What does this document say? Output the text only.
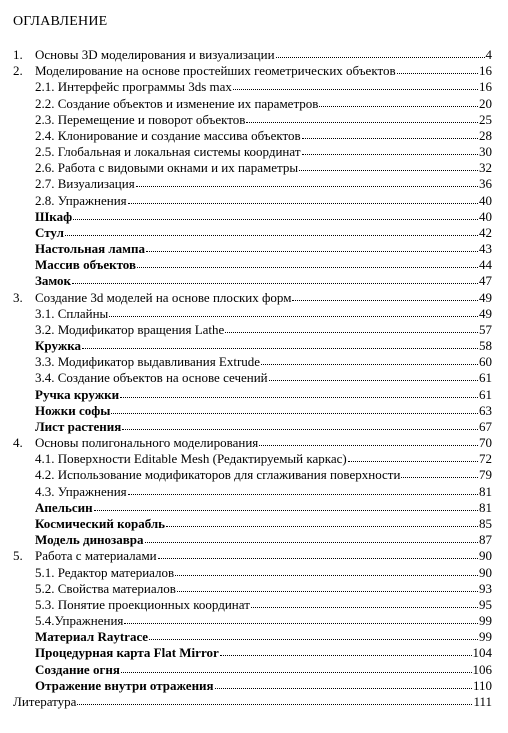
ОГЛАВЛЕНИЕ
1. Основы 3D моделирования и визуализации	4
2. Моделирование на основе простейших геометрических объектов	16
2.1. Интерфейс программы 3ds max	16
2.2. Создание объектов и изменение их параметров	20
2.3. Перемещение и поворот объектов	25
2.4. Клонирование и создание массива объектов	28
2.5. Глобальная и локальная системы координат	30
2.6. Работа с видовыми окнами и их параметры	32
2.7. Визуализация	36
2.8. Упражнения	40
Шкаф	40
Стул	42
Настольная лампа	43
Массив объектов	44
Замок	47
3. Создание 3d моделей на основе плоских форм	49
3.1. Сплайны	49
3.2. Модификатор вращения Lathe	57
Кружка	58
3.3. Модификатор выдавливания Extrude	60
3.4. Создание объектов на основе сечений	61
Ручка кружки	61
Ножки софы	63
Лист растения	67
4. Основы полигонального моделирования	70
4.1. Поверхности Editable Mesh (Редактируемый каркас)	72
4.2. Использование модификаторов для сглаживания поверхности	79
4.3. Упражнения	81
Апельсин	81
Космический корабль	85
Модель динозавра	87
5. Работа с материалами	90
5.1. Редактор материалов	90
5.2. Свойства материалов	93
5.3. Понятие проекционных координат	95
5.4.Упражнения	99
Материал Raytrace	99
Процедурная карта Flat Mirror	104
Создание огня	106
Отражение внутри отражения	110
Литература	111
